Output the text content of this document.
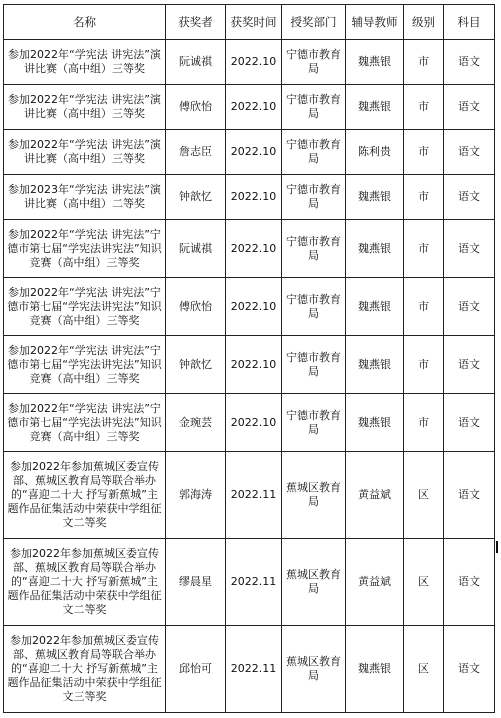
名称	获奖者	获奖时间	授奖部门	辅导教师	级别	科目
参加2022年“学宪法 讲宪法”演讲比赛（高中组）三等奖	阮诚祺	2022.10	宁德市教育局	魏燕银	市	语文
参加2022年“学宪法 讲宪法”演讲比赛（高中组）三等奖	傅欣怡	2022.10	宁德市教育局	魏燕银	市	语文
参加2022年“学宪法 讲宪法”演讲比赛（高中组）三等奖	詹志臣	2022.10	宁德市教育局	陈利贵	市	语文
参加2023年“学宪法 讲宪法”演讲比赛（高中组）二等奖	钟歆忆	2022.10	宁德市教育局	魏燕银	市	语文
参加2022年“学宪法 讲宪法”宁德市第七届“学宪法讲宪法”知识竞赛（高中组）三等奖	阮诚祺	2022.10	宁德市教育局	魏燕银	市	语文
参加2022年“学宪法 讲宪法”宁德市第七届“学宪法讲宪法”知识竞赛（高中组）三等奖	傅欣怡	2022.10	宁德市教育局	魏燕银	市	语文
参加2022年“学宪法 讲宪法”宁德市第七届“学宪法讲宪法”知识竞赛（高中组）三等奖	钟歆忆	2022.10	宁德市教育局	魏燕银	市	语文
参加2022年“学宪法 讲宪法”宁德市第七届“学宪法讲宪法”知识竞赛（高中组）三等奖	金琬芸	2022.10	宁德市教育局	魏燕银	市	语文
参加2022年参加蕉城区委宣传部、蕉城区教育局等联合举办的“喜迎二十大 抒写新蕉城”主题作品征集活动中荣获中学组征文二等奖	郭海涛	2022.11	蕉城区教育局	黄益斌	区	语文
参加2022年参加蕉城区委宣传部、蕉城区教育局等联合举办的“喜迎二十大 抒写新蕉城”主题作品征集活动中荣获中学组征文二等奖	缪晨星	2022.11	蕉城区教育局	黄益斌	区	语文
参加2022年参加蕉城区委宣传部、蕉城区教育局等联合举办的“喜迎二十大 抒写新蕉城”主题作品征集活动中荣获中学组征文三等奖	邱怡可	2022.11	蕉城区教育局	魏燕银	区	语文
